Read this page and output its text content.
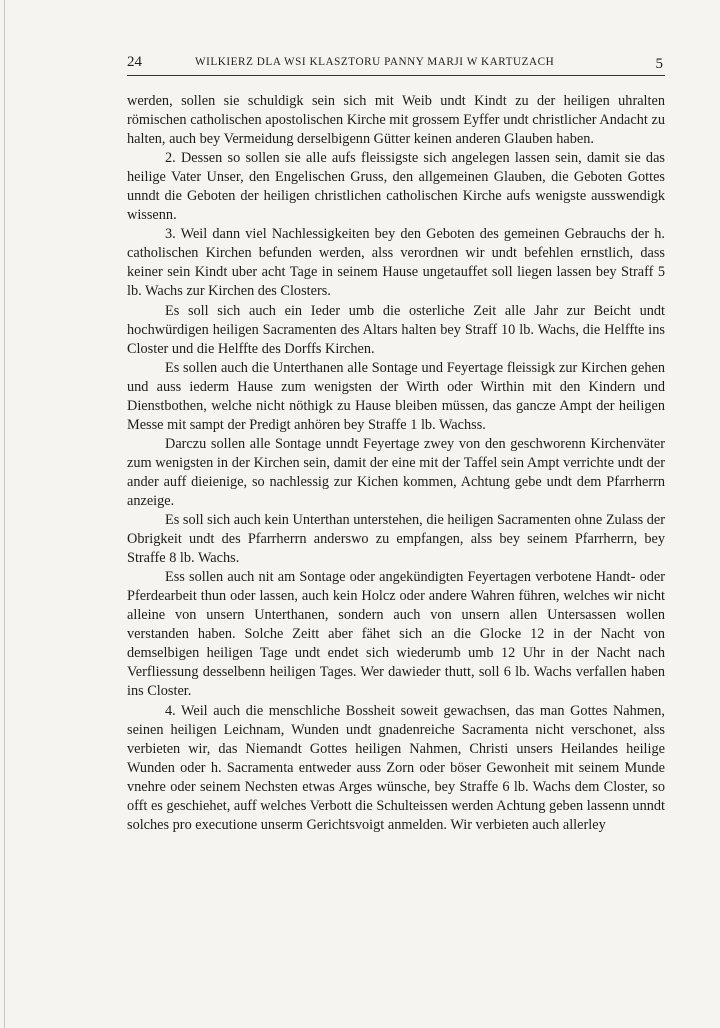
24	WILKIERZ DLA WSI KLASZTORU PANNY MARJI W KARTUZACH	5

werden, sollen sie schuldigk sein sich mit Weib undt Kindt zu der heiligen uhralten römischen catholischen apostolischen Kirche mit grossem Eyffer undt christlicher Andacht zu halten, auch bey Vermeidung derselbigenn Gütter keinen anderen Glauben haben.

2. Dessen so sollen sie alle aufs fleissigste sich angelegen lassen sein, damit sie das heilige Vater Unser, den Engelischen Gruss, den allgemeinen Glauben, die Geboten Gottes unndt die Geboten der heiligen christlichen catholischen Kirche aufs wenigste ausswendigk wissenn.

3. Weil dann viel Nachlessigkeiten bey den Geboten des gemeinen Gebrauchs der h. catholischen Kirchen befunden werden, alss verordnen wir undt befehlen ernstlich, dass keiner sein Kindt uber acht Tage in seinem Hause ungetauffet soll liegen lassen bey Straff 5 lb. Wachs zur Kirchen des Closters.

Es soll sich auch ein Ieder umb die osterliche Zeit alle Jahr zur Beicht undt hochwürdigen heiligen Sacramenten des Altars halten bey Straff 10 lb. Wachs, die Helffte ins Closter und die Helffte des Dorffs Kirchen.

Es sollen auch die Unterthanen alle Sontage und Feyertage fleissigk zur Kirchen gehen und auss iederm Hause zum wenigsten der Wirth oder Wirthin mit den Kindern und Dienstbothen, welche nicht nöthigk zu Hause bleiben müssen, das gancze Ampt der heiligen Messe mit sampt der Predigt anhören bey Straffe 1 lb. Wachss.

Darczu sollen alle Sontage unndt Feyertage zwey von den geschworenn Kirchenväter zum wenigsten in der Kirchen sein, damit der eine mit der Taffel sein Ampt verrichte undt der ander auff dieienige, so nachlessig zur Kichen kommen, Achtung gebe undt dem Pfarrherrn anzeige.

Es soll sich auch kein Unterthan unterstehen, die heiligen Sacramenten ohne Zulass der Obrigkeit undt des Pfarrherrn anderswo zu empfangen, alss bey seinem Pfarrherrn, bey Straffe 8 lb. Wachs.

Ess sollen auch nit am Sontage oder angekündigten Feyertagen verbotene Handt- oder Pferdearbeit thun oder lassen, auch kein Holcz oder andere Wahren führen, welches wir nicht alleine von unsern Unterthanen, sondern auch von unsern allen Untersassen wollen verstanden haben. Solche Zeitt aber fähet sich an die Glocke 12 in der Nacht von demselbigen heiligen Tage undt endet sich wiederumb umb 12 Uhr in der Nacht nach Verfliessung desselbenn heiligen Tages. Wer dawieder thutt, soll 6 lb. Wachs verfallen haben ins Closter.

4. Weil auch die menschliche Bossheit soweit gewachsen, das man Gottes Nahmen, seinen heiligen Leichnam, Wunden undt gnadenreiche Sacramenta nicht verschonet, alss verbieten wir, das Niemandt Gottes heiligen Nahmen, Christi unsers Heilandes heilige Wunden oder h. Sacramenta entweder auss Zorn oder böser Gewonheit mit seinem Munde vnehre oder seinem Nechsten etwas Arges wünsche, bey Straffe 6 lb. Wachs dem Closter, so offt es geschiehet, auff welches Verbott die Schulteissen werden Achtung geben lassenn unndt solches pro executione unserm Gerichtsvoigt anmelden. Wir verbieten auch allerley
